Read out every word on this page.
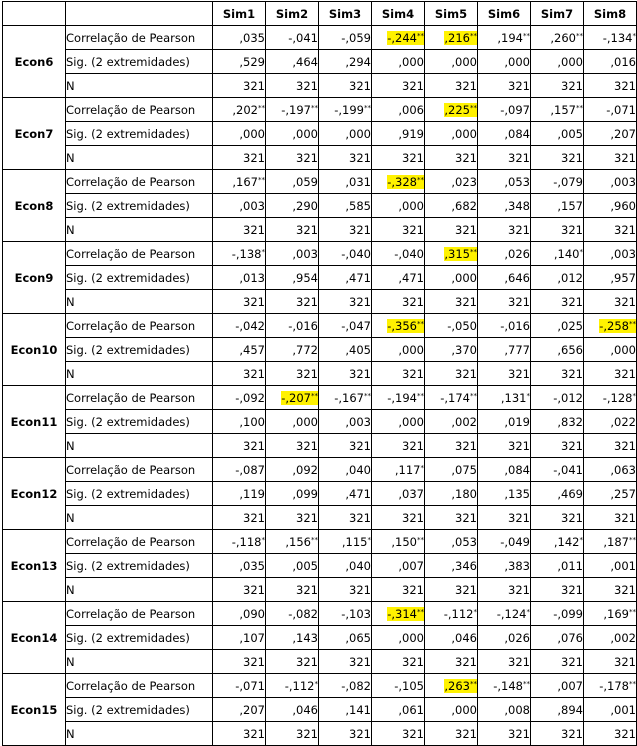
		Sim1	Sim2	Sim3	Sim4	Sim5	Sim6	Sim7	Sim8
Econ6	Correlação de Pearson	,035	-,041	-,059	-,244**	,216**	,194**	,260**	-,134*
	Sig. (2 extremidades)	,529	,464	,294	,000	,000	,000	,000	,016
	N	321	321	321	321	321	321	321	321
Econ7	Correlação de Pearson	,202**	-,197**	-,199**	,006	,225**	-,097	,157**	-,071
	Sig. (2 extremidades)	,000	,000	,000	,919	,000	,084	,005	,207
	N	321	321	321	321	321	321	321	321
Econ8	Correlação de Pearson	,167**	,059	,031	-,328**	,023	,053	-,079	,003
	Sig. (2 extremidades)	,003	,290	,585	,000	,682	,348	,157	,960
	N	321	321	321	321	321	321	321	321
Econ9	Correlação de Pearson	-,138*	,003	-,040	-,040	,315**	,026	,140*	,003
	Sig. (2 extremidades)	,013	,954	,471	,471	,000	,646	,012	,957
	N	321	321	321	321	321	321	321	321
Econ10	Correlação de Pearson	-,042	-,016	-,047	-,356**	-,050	-,016	,025	-,258**
	Sig. (2 extremidades)	,457	,772	,405	,000	,370	,777	,656	,000
	N	321	321	321	321	321	321	321	321
Econ11	Correlação de Pearson	-,092	-,207**	-,167**	-,194**	-,174**	,131*	-,012	-,128*
	Sig. (2 extremidades)	,100	,000	,003	,000	,002	,019	,832	,022
	N	321	321	321	321	321	321	321	321
Econ12	Correlação de Pearson	-,087	,092	,040	,117*	,075	,084	-,041	,063
	Sig. (2 extremidades)	,119	,099	,471	,037	,180	,135	,469	,257
	N	321	321	321	321	321	321	321	321
Econ13	Correlação de Pearson	-,118*	,156**	,115*	,150**	,053	-,049	,142*	,187**
	Sig. (2 extremidades)	,035	,005	,040	,007	,346	,383	,011	,001
	N	321	321	321	321	321	321	321	321
Econ14	Correlação de Pearson	,090	-,082	-,103	-,314**	-,112*	-,124*	-,099	,169**
	Sig. (2 extremidades)	,107	,143	,065	,000	,046	,026	,076	,002
	N	321	321	321	321	321	321	321	321
Econ15	Correlação de Pearson	-,071	-,112*	-,082	-,105	,263**	-,148**	,007	-,178**
	Sig. (2 extremidades)	,207	,046	,141	,061	,000	,008	,894	,001
	N	321	321	321	321	321	321	321	321
